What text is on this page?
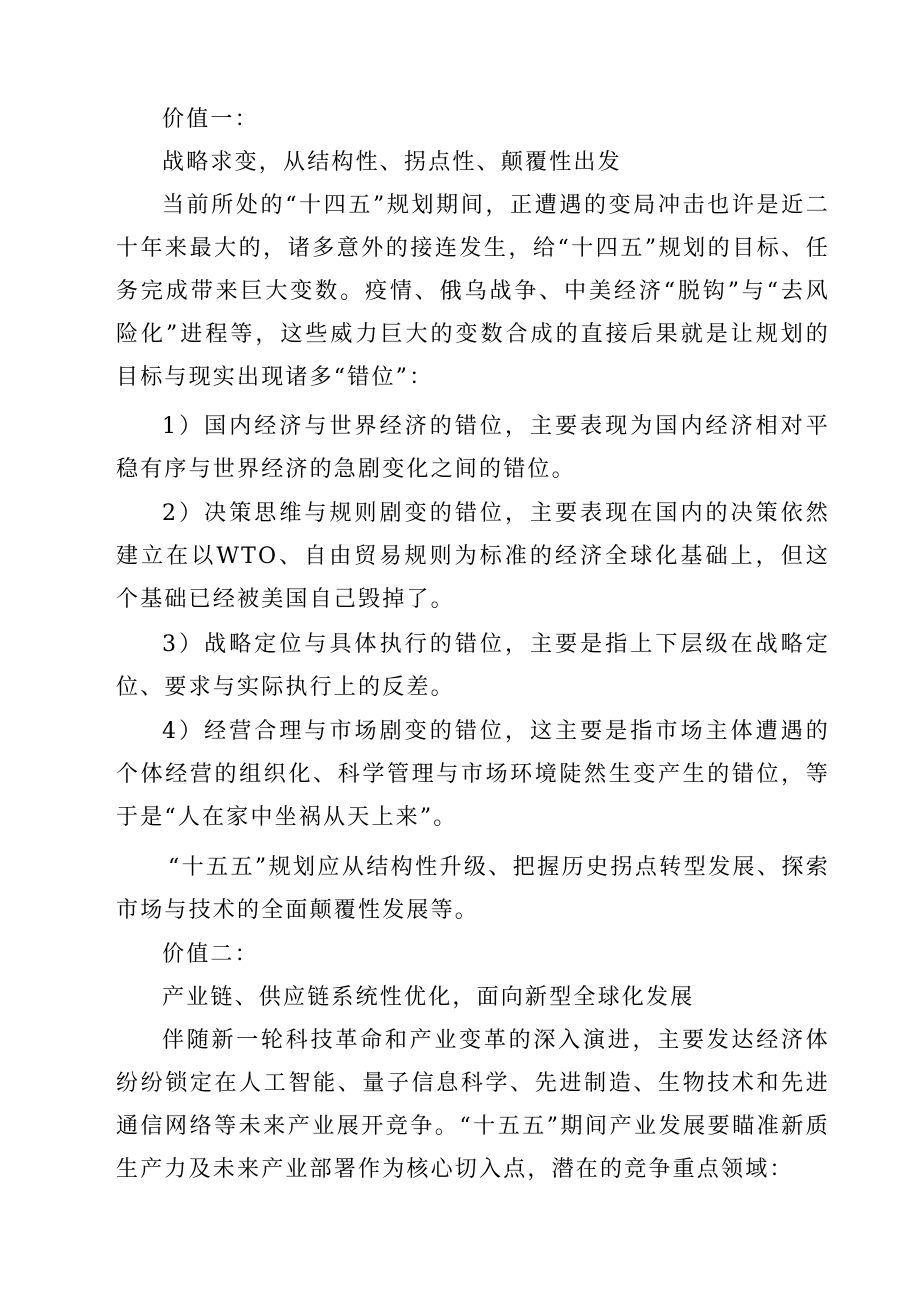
价值一：

战略求变，从结构性、拐点性、颠覆性出发

当前所处的“十四五”规划期间，正遭遇的变局冲击也许是近二十年来最大的，诸多意外的接连发生，给“十四五”规划的目标、任务完成带来巨大变数。疫情、俄乌战争、中美经济“脱钩”与“去风险化”进程等，这些威力巨大的变数合成的直接后果就是让规划的目标与现实出现诸多“错位”：

1）国内经济与世界经济的错位，主要表现为国内经济相对平稳有序与世界经济的急剧变化之间的错位。

2）决策思维与规则剧变的错位，主要表现在国内的决策依然建立在以WTO、自由贸易规则为标准的经济全球化基础上，但这个基础已经被美国自己毁掉了。

3）战略定位与具体执行的错位，主要是指上下层级在战略定位、要求与实际执行上的反差。

4）经营合理与市场剧变的错位，这主要是指市场主体遭遇的个体经营的组织化、科学管理与市场环境陡然生变产生的错位，等于是“人在家中坐祸从天上来”。

“十五五”规划应从结构性升级、把握历史拐点转型发展、探索市场与技术的全面颠覆性发展等。

价值二：

产业链、供应链系统性优化，面向新型全球化发展

伴随新一轮科技革命和产业变革的深入演进，主要发达经济体纷纷锁定在人工智能、量子信息科学、先进制造、生物技术和先进通信网络等未来产业展开竞争。“十五五”期间产业发展要瞄准新质生产力及未来产业部署作为核心切入点，潜在的竞争重点领域：
